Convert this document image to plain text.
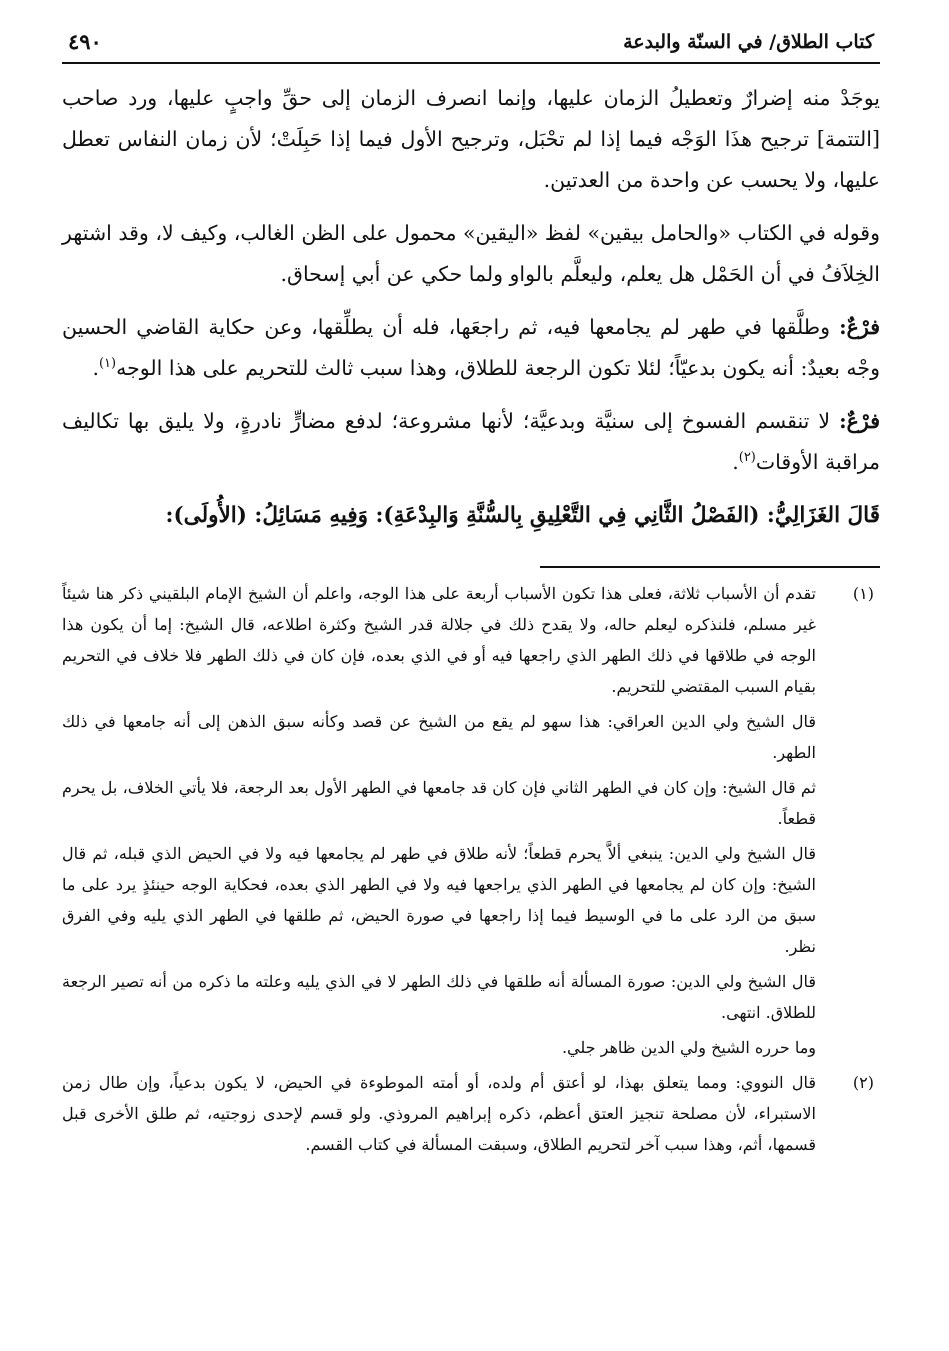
كتاب الطلاق/ في السنّة والبدعة
٤٩٠

يوجَدْ منه إضرارٌ وتعطيلُ الزمان عليها، وإنما انصرف الزمان إلى حقِّ واجبٍ عليها، ورد صاحب [التتمة] ترجيح هذَا الوَجْه فيما إذا لم تحْبَل، وترجيح الأول فيما إذا حَبِلَتْ؛ لأن زمان النفاس تعطل عليها، ولا يحسب عن واحدة من العدتين.

وقوله في الكتاب «والحامل بيقين» لفظ «اليقين» محمول على الظن الغالب، وكيف لا، وقد اشتهر الخِلاَفُ في أن الحَمْل هل يعلم، وليعلَّم بالواو ولما حكي عن أبي إسحاق.

فرْعٌ: وطلَّقها في طهر لم يجامعها فيه، ثم راجعَها، فله أن يطلِّقها، وعن حكاية القاضي الحسين وجْه بعيدٌ: أنه يكون بدعيّاً؛ لئلا تكون الرجعة للطلاق، وهذا سبب ثالث للتحريم على هذا الوجه$^{(١)}$.

فرْعٌ: لا تنقسم الفسوخ إلى سنيَّة وبدعيَّة؛ لأنها مشروعة؛ لدفع مضارٍّ نادرةٍ، ولا يليق بها تكاليف مراقبة الأوقات$^{(٢)}$.

قَالَ الغَزَالِيُّ: (الفَصْلُ الثَّانِي فِي التَّعْلِيقِ بِالسُّنَّةِ وَالبِدْعَةِ): وَفِيهِ مَسَائِلُ: (الأُولَى):

(١)

تقدم أن الأسباب ثلاثة، فعلى هذا تكون الأسباب أربعة على هذا الوجه، واعلم أن الشيخ الإمام البلقيني ذكر هنا شيئاً غير مسلم، فلنذكره ليعلم حاله، ولا يقدح ذلك في جلالة قدر الشيخ وكثرة اطلاعه، قال الشيخ: إما أن يكون هذا الوجه في طلاقها في ذلك الطهر الذي راجعها فيه أو في الذي بعده، فإن كان في ذلك الطهر فلا خلاف في التحريم بقيام السبب المقتضي للتحريم.

قال الشيخ ولي الدين العراقي: هذا سهو لم يقع من الشيخ عن قصد وكأنه سبق الذهن إلى أنه جامعها في ذلك الطهر.

ثم قال الشيخ: وإن كان في الطهر الثاني فإن كان قد جامعها في الطهر الأول بعد الرجعة، فلا يأتي الخلاف، بل يحرم قطعاً.

قال الشيخ ولي الدين: ينبغي ألاَّ يحرم قطعاً؛ لأنه طلاق في طهر لم يجامعها فيه ولا في الحيض الذي قبله، ثم قال الشيخ: وإن كان لم يجامعها في الطهر الذي يراجعها فيه ولا في الطهر الذي بعده، فحكاية الوجه حينئذٍ يرد على ما سبق من الرد على ما في الوسيط فيما إذا راجعها في صورة الحيض، ثم طلقها في الطهر الذي يليه وفي الفرق نظر.

قال الشيخ ولي الدين: صورة المسألة أنه طلقها في ذلك الطهر لا في الذي يليه وعلته ما ذكره من أنه تصير الرجعة للطلاق. انتهى.

وما حرره الشيخ ولي الدين ظاهر جلي.

(٢)

قال النووي: ومما يتعلق بهذا، لو أعتق أم ولده، أو أمته الموطوءة في الحيض، لا يكون بدعياً، وإن طال زمن الاستبراء، لأن مصلحة تنجيز العتق أعظم، ذكره إبراهيم المروذي. ولو قسم لإحدى زوجتيه، ثم طلق الأخرى قبل قسمها، أثم، وهذا سبب آخر لتحريم الطلاق، وسبقت المسألة في كتاب القسم.
